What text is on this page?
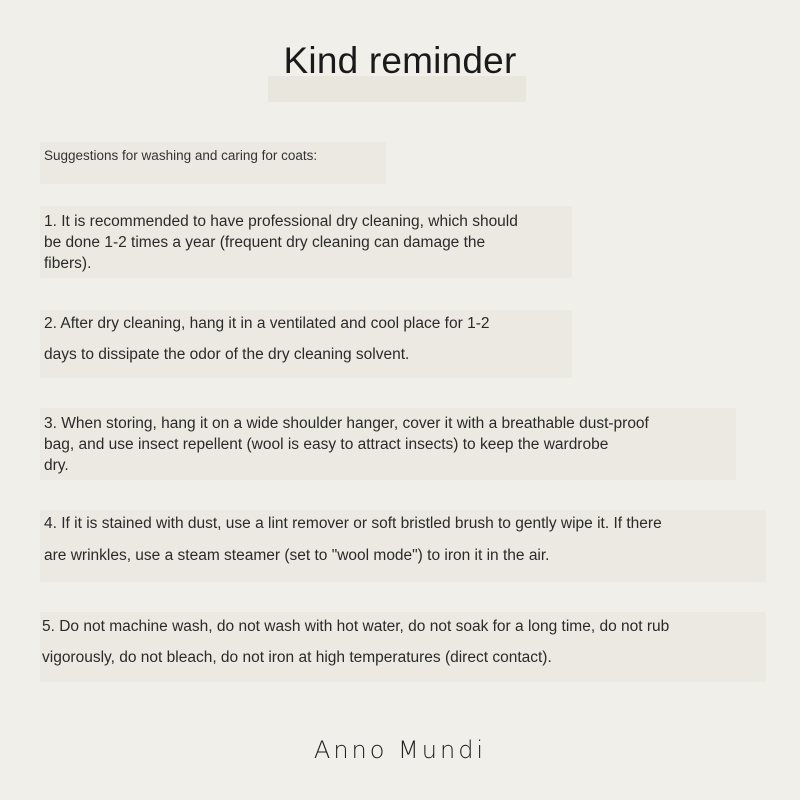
Kind reminder
Suggestions for washing and caring for coats:
1. It is recommended to have professional dry cleaning, which should
be done 1-2 times a year (frequent dry cleaning can damage the
fibers).
2. After dry cleaning, hang it in a ventilated and cool place for 1-2
days to dissipate the odor of the dry cleaning solvent.
3. When storing, hang it on a wide shoulder hanger, cover it with a breathable dust-proof
bag, and use insect repellent (wool is easy to attract insects) to keep the wardrobe
dry.
4. If it is stained with dust, use a lint remover or soft bristled brush to gently wipe it. If there
are wrinkles, use a steam steamer (set to "wool mode") to iron it in the air.
5. Do not machine wash, do not wash with hot water, do not soak for a long time, do not rub
vigorously, do not bleach, do not iron at high temperatures (direct contact).
Anno Mundi
